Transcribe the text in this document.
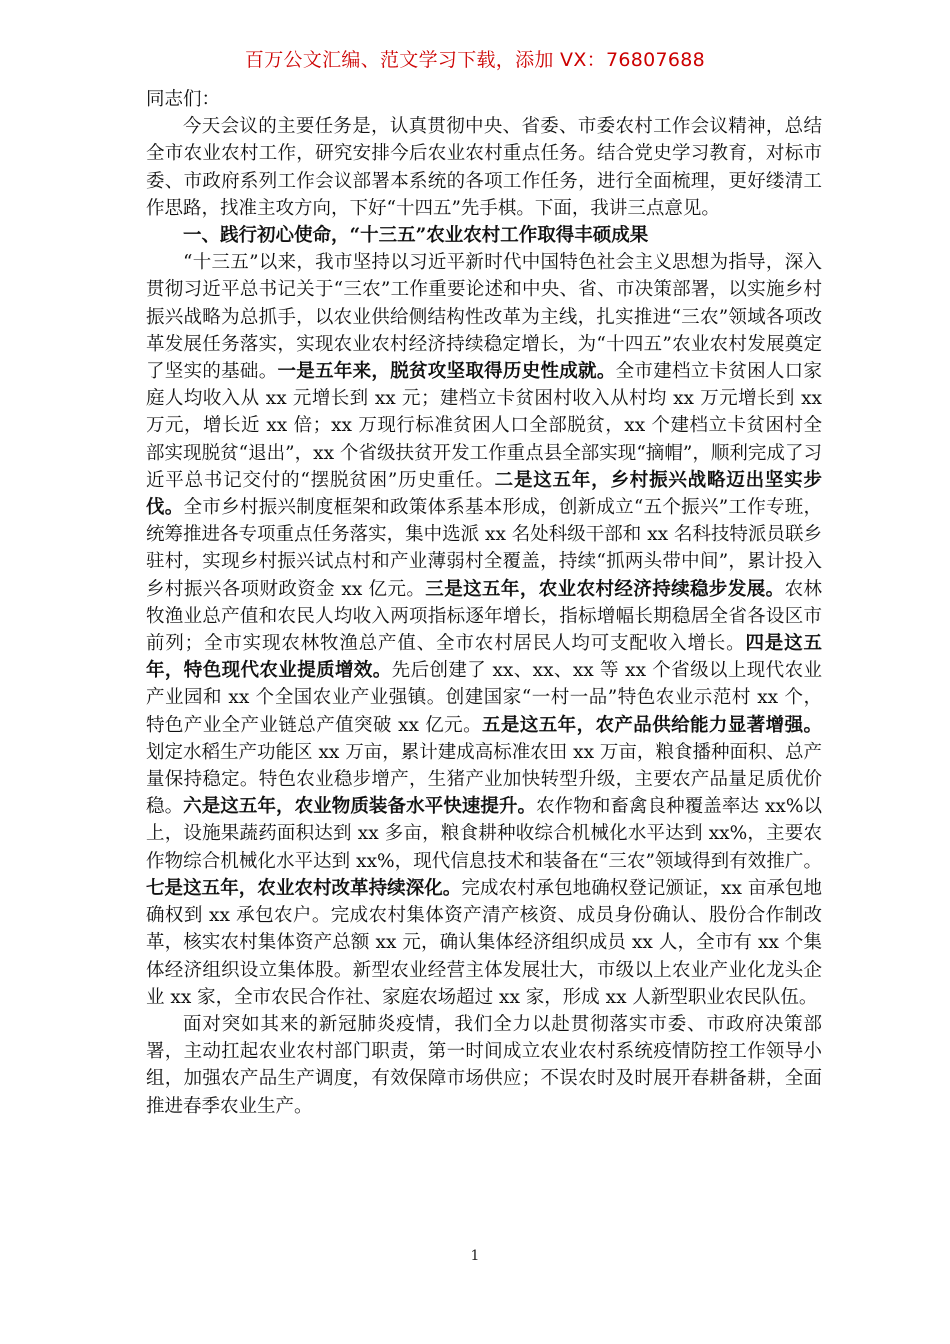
百万公文汇编、范文学习下载，添加 VX：76807688

同志们：

今天会议的主要任务是，认真贯彻中央、省委、市委农村工作会议精神，总结全市农业农村工作，研究安排今后农业农村重点任务。结合党史学习教育，对标市委、市政府系列工作会议部署本系统的各项工作任务，进行全面梳理，更好缕清工作思路，找准主攻方向，下好“十四五”先手棋。下面，我讲三点意见。

一、践行初心使命，“十三五”农业农村工作取得丰硕成果

“十三五”以来，我市坚持以习近平新时代中国特色社会主义思想为指导，深入贯彻习近平总书记关于“三农”工作重要论述和中央、省、市决策部署，以实施乡村振兴战略为总抓手，以农业供给侧结构性改革为主线，扎实推进“三农”领域各项改革发展任务落实，实现农业农村经济持续稳定增长，为“十四五”农业农村发展奠定了坚实的基础。一是五年来，脱贫攻坚取得历史性成就。全市建档立卡贫困人口家庭人均收入从 xx 元增长到 xx 元；建档立卡贫困村收入从村均 xx 万元增长到 xx 万元，增长近 xx 倍；xx 万现行标准贫困人口全部脱贫，xx 个建档立卡贫困村全部实现脱贫“退出”，xx 个省级扶贫开发工作重点县全部实现“摘帽”，顺利完成了习近平总书记交付的“摆脱贫困”历史重任。二是这五年，乡村振兴战略迈出坚实步伐。全市乡村振兴制度框架和政策体系基本形成，创新成立“五个振兴”工作专班，统筹推进各专项重点任务落实，集中选派 xx 名处科级干部和 xx 名科技特派员联乡驻村，实现乡村振兴试点村和产业薄弱村全覆盖，持续“抓两头带中间”，累计投入乡村振兴各项财政资金 xx 亿元。三是这五年，农业农村经济持续稳步发展。农林牧渔业总产值和农民人均收入两项指标逐年增长，指标增幅长期稳居全省各设区市前列；全市实现农林牧渔总产值、全市农村居民人均可支配收入增长。四是这五年，特色现代农业提质增效。先后创建了 xx、xx、xx 等 xx 个省级以上现代农业产业园和 xx 个全国农业产业强镇。创建国家“一村一品”特色农业示范村 xx 个，特色产业全产业链总产值突破 xx 亿元。五是这五年，农产品供给能力显著增强。划定水稻生产功能区 xx 万亩，累计建成高标准农田 xx 万亩，粮食播种面积、总产量保持稳定。特色农业稳步增产，生猪产业加快转型升级，主要农产品量足质优价稳。六是这五年，农业物质装备水平快速提升。农作物和畜禽良种覆盖率达 xx%以上，设施果蔬药面积达到 xx 多亩，粮食耕种收综合机械化水平达到 xx%，主要农作物综合机械化水平达到 xx%，现代信息技术和装备在“三农”领域得到有效推广。七是这五年，农业农村改革持续深化。完成农村承包地确权登记颁证，xx 亩承包地确权到 xx 承包农户。完成农村集体资产清产核资、成员身份确认、股份合作制改革，核实农村集体资产总额 xx 元，确认集体经济组织成员 xx 人，全市有 xx 个集体经济组织设立集体股。新型农业经营主体发展壮大，市级以上农业产业化龙头企业 xx 家，全市农民合作社、家庭农场超过 xx 家，形成 xx 人新型职业农民队伍。

面对突如其来的新冠肺炎疫情，我们全力以赴贯彻落实市委、市政府决策部署，主动扛起农业农村部门职责，第一时间成立农业农村系统疫情防控工作领导小组，加强农产品生产调度，有效保障市场供应；不误农时及时展开春耕备耕，全面推进春季农业生产。

1
